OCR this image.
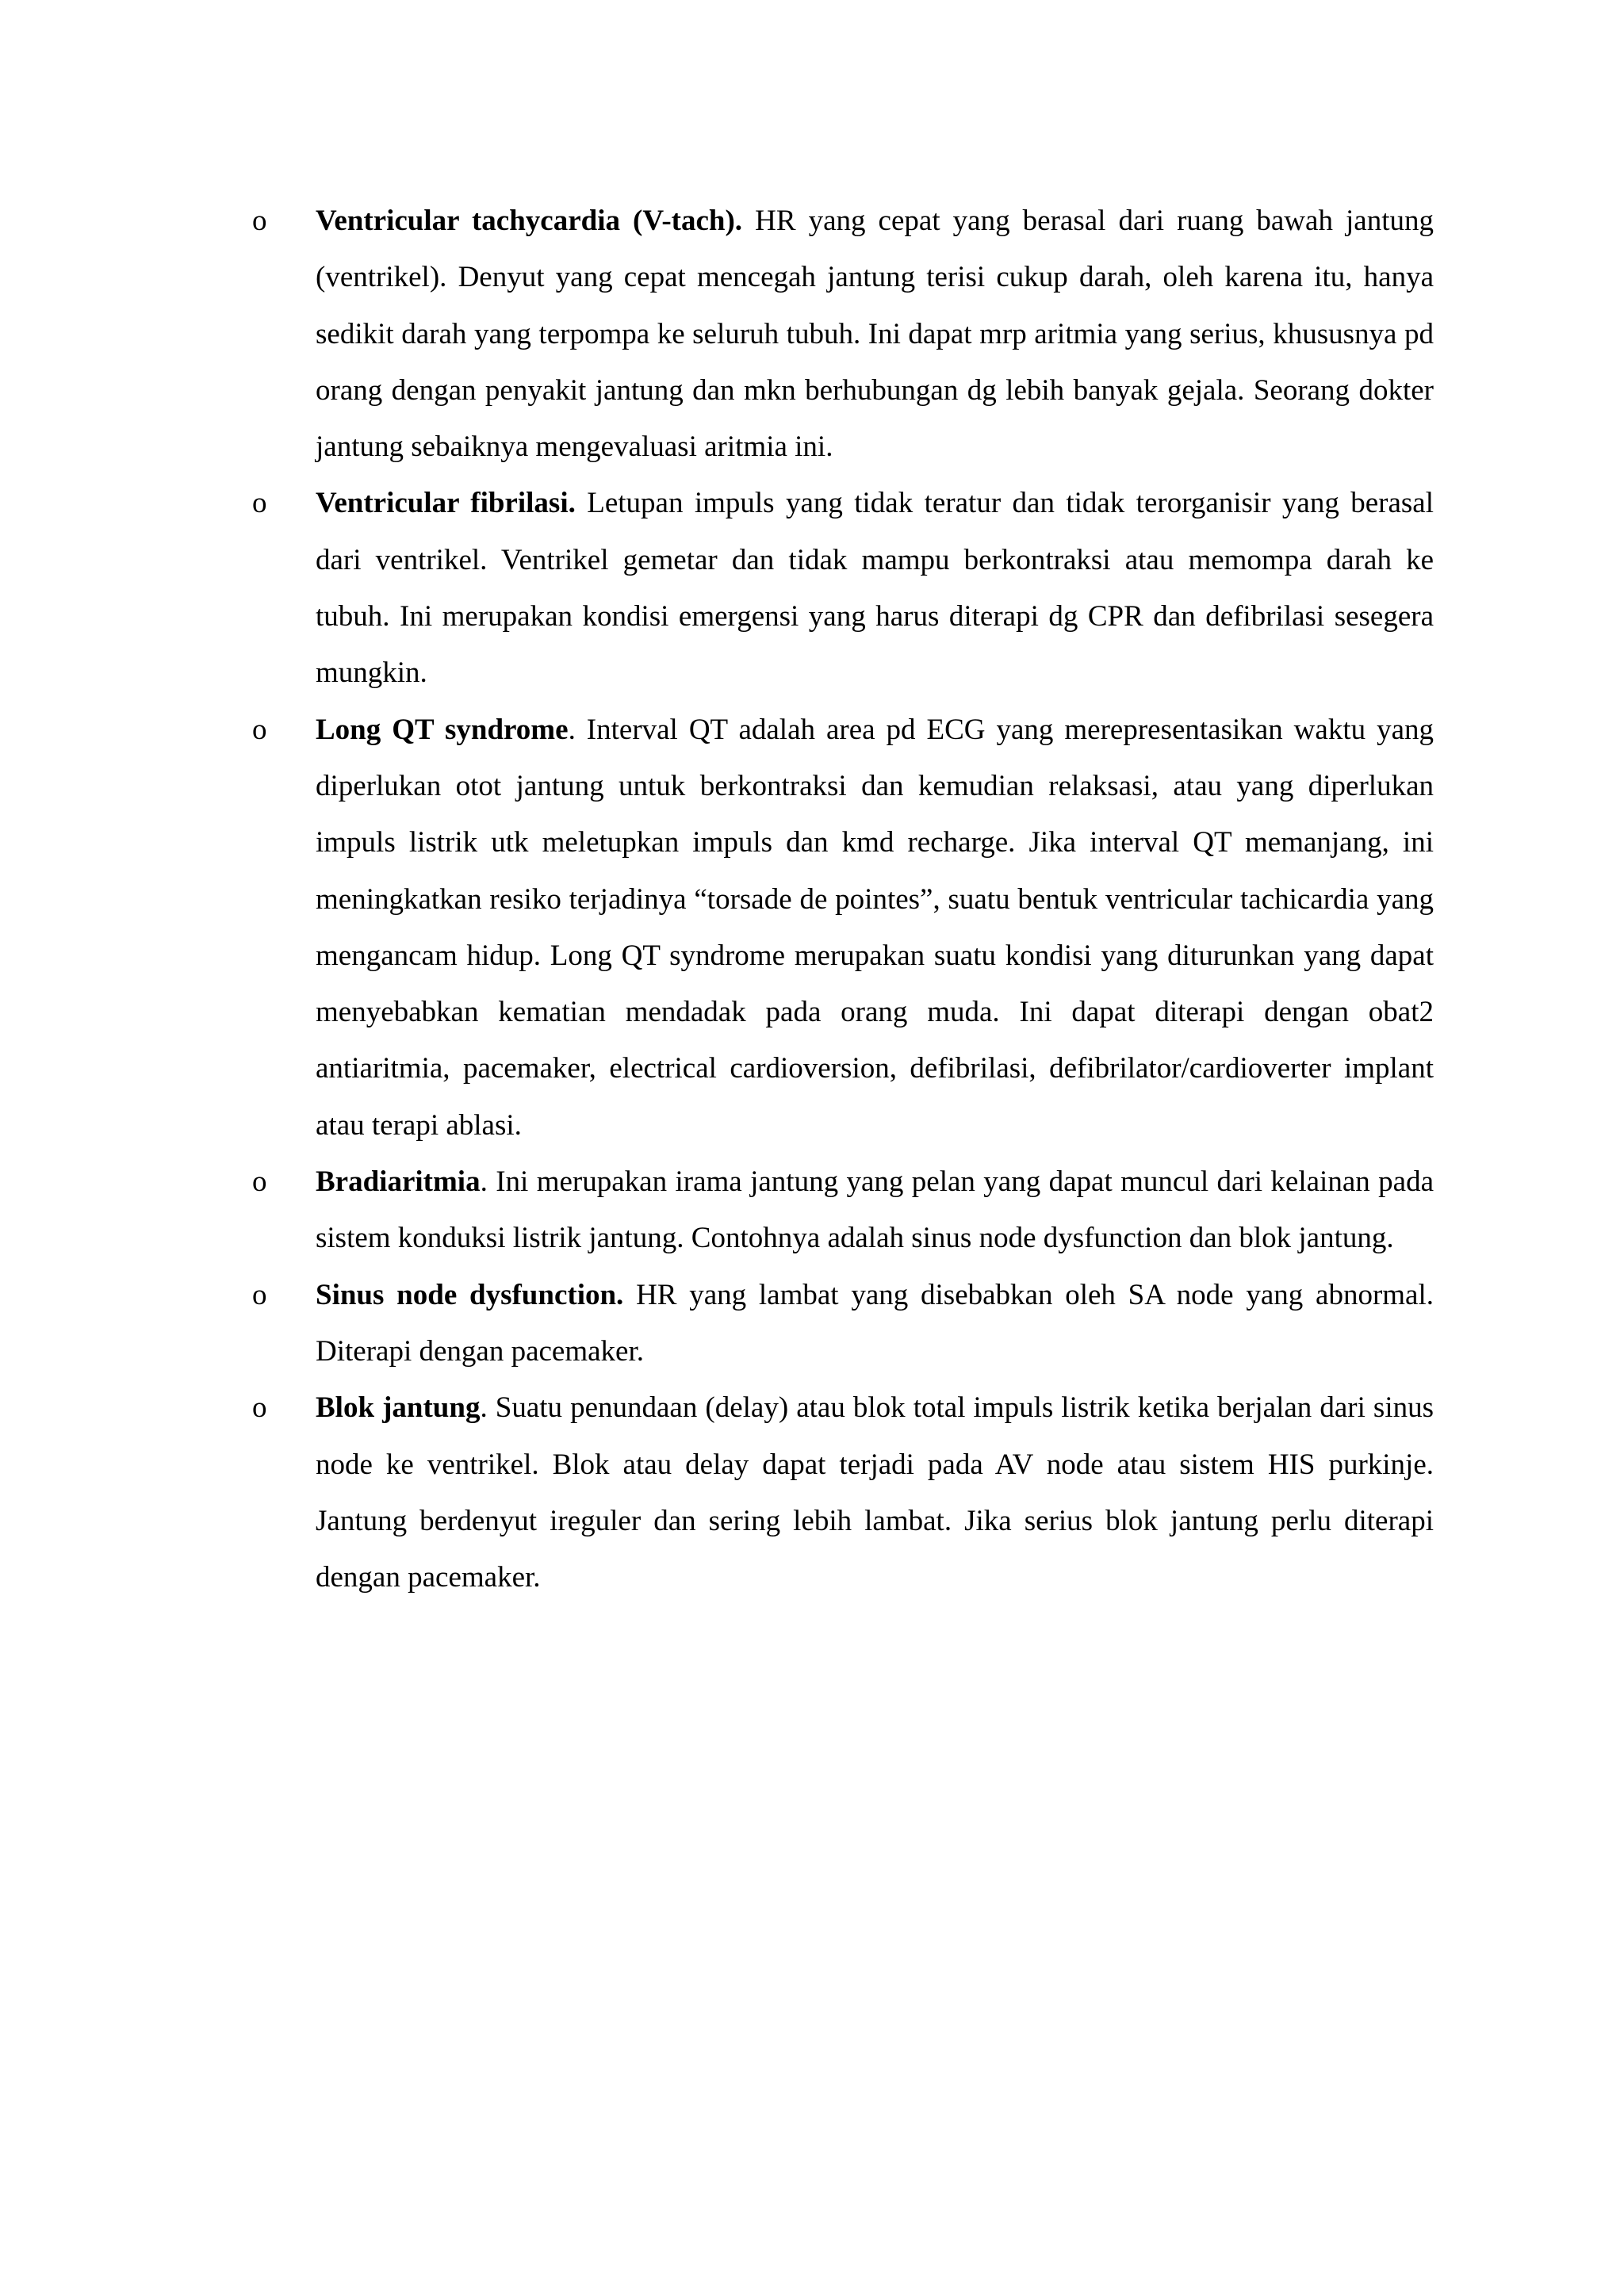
o Ventricular tachycardia (V-tach). HR yang cepat yang berasal dari ruang bawah jantung (ventrikel). Denyut yang cepat mencegah jantung terisi cukup darah, oleh karena itu, hanya sedikit darah yang terpompa ke seluruh tubuh. Ini dapat mrp aritmia yang serius, khususnya pd orang dengan penyakit jantung dan mkn berhubungan dg lebih banyak gejala. Seorang dokter jantung sebaiknya mengevaluasi aritmia ini.

o Ventricular fibrilasi. Letupan impuls yang tidak teratur dan tidak terorganisir yang berasal dari ventrikel. Ventrikel gemetar dan tidak mampu berkontraksi atau memompa darah ke tubuh. Ini merupakan kondisi emergensi yang harus diterapi dg CPR dan defibrilasi sesegera mungkin.

o Long QT syndrome. Interval QT adalah area pd ECG yang merepresentasikan waktu yang diperlukan otot jantung untuk berkontraksi dan kemudian relaksasi, atau yang diperlukan impuls listrik utk meletupkan impuls dan kmd recharge. Jika interval QT memanjang, ini meningkatkan resiko terjadinya “torsade de pointes”, suatu bentuk ventricular tachicardia yang mengancam hidup. Long QT syndrome merupakan suatu kondisi yang diturunkan yang dapat menyebabkan kematian mendadak pada orang muda. Ini dapat diterapi dengan obat2 antiaritmia, pacemaker, electrical cardioversion, defibrilasi, defibrilator/cardioverter implant atau terapi ablasi.

o Bradiaritmia. Ini merupakan irama jantung yang pelan yang dapat muncul dari kelainan pada sistem konduksi listrik jantung. Contohnya adalah sinus node dysfunction dan blok jantung.

o Sinus node dysfunction. HR yang lambat yang disebabkan oleh SA node yang abnormal. Diterapi dengan pacemaker.

o Blok jantung. Suatu penundaan (delay) atau blok total impuls listrik ketika berjalan dari sinus node ke ventrikel. Blok atau delay dapat terjadi pada AV node atau sistem HIS purkinje. Jantung berdenyut ireguler dan sering lebih lambat. Jika serius blok jantung perlu diterapi dengan pacemaker.
